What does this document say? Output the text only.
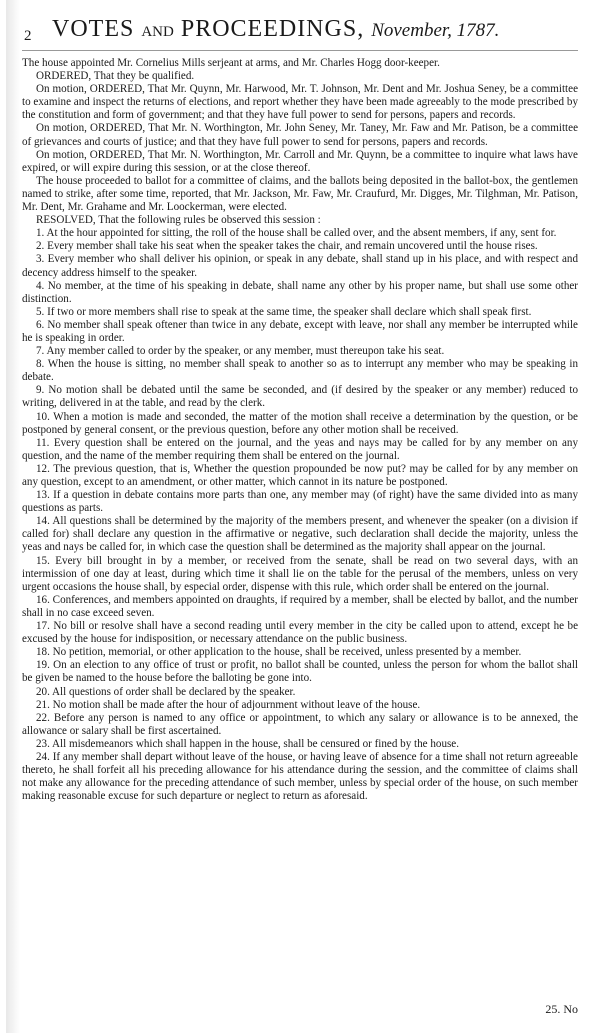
2 VOTES AND PROCEEDINGS, November, 1787.

The house appointed Mr. Cornelius Mills serjeant at arms, and Mr. Charles Hogg door-keeper.

ORDERED, That they be qualified.

On motion, ORDERED, That Mr. Quynn, Mr. Harwood, Mr. T. Johnson, Mr. Dent and Mr. Joshua Seney, be a committee to examine and inspect the returns of elections, and report whether they have been made agreeably to the mode prescribed by the constitution and form of government; and that they have full power to send for persons, papers and records.

On motion, ORDERED, That Mr. N. Worthington, Mr. John Seney, Mr. Taney, Mr. Faw and Mr. Patison, be a committee of grievances and courts of justice; and that they have full power to send for persons, papers and records.

On motion, ORDERED, That Mr. N. Worthington, Mr. Carroll and Mr. Quynn, be a committee to inquire what laws have expired, or will expire during this session, or at the close thereof.

The house proceeded to ballot for a committee of claims, and the ballots being deposited in the ballot-box, the gentlemen named to strike, after some time, reported, that Mr. Jackson, Mr. Faw, Mr. Craufurd, Mr. Digges, Mr. Tilghman, Mr. Patison, Mr. Dent, Mr. Grahame and Mr. Loockerman, were elected.

RESOLVED, That the following rules be observed this session :

1. At the hour appointed for sitting, the roll of the house shall be called over, and the absent members, if any, sent for.

2. Every member shall take his seat when the speaker takes the chair, and remain uncovered until the house rises.

3. Every member who shall deliver his opinion, or speak in any debate, shall stand up in his place, and with respect and decency address himself to the speaker.

4. No member, at the time of his speaking in debate, shall name any other by his proper name, but shall use some other distinction.

5. If two or more members shall rise to speak at the same time, the speaker shall declare which shall speak first.

6. No member shall speak oftener than twice in any debate, except with leave, nor shall any member be interrupted while he is speaking in order.

7. Any member called to order by the speaker, or any member, must thereupon take his seat.

8. When the house is sitting, no member shall speak to another so as to interrupt any member who may be speaking in debate.

9. No motion shall be debated until the same be seconded, and (if desired by the speaker or any member) reduced to writing, delivered in at the table, and read by the clerk.

10. When a motion is made and seconded, the matter of the motion shall receive a determination by the question, or be postponed by general consent, or the previous question, before any other motion shall be received.

11. Every question shall be entered on the journal, and the yeas and nays may be called for by any member on any question, and the name of the member requiring them shall be entered on the journal.

12. The previous question, that is, Whether the question propounded be now put? may be called for by any member on any question, except to an amendment, or other matter, which cannot in its nature be postponed.

13. If a question in debate contains more parts than one, any member may (of right) have the same divided into as many questions as parts.

14. All questions shall be determined by the majority of the members present, and whenever the speaker (on a division if called for) shall declare any question in the affirmative or negative, such declaration shall decide the majority, unless the yeas and nays be called for, in which case the question shall be determined as the majority shall appear on the journal.

15. Every bill brought in by a member, or received from the senate, shall be read on two several days, with an intermission of one day at least, during which time it shall lie on the table for the perusal of the members, unless on very urgent occasions the house shall, by especial order, dispense with this rule, which order shall be entered on the journal.

16. Conferences, and members appointed on draughts, if required by a member, shall be elected by ballot, and the number shall in no case exceed seven.

17. No bill or resolve shall have a second reading until every member in the city be called upon to attend, except he be excused by the house for indisposition, or necessary attendance on the public business.

18. No petition, memorial, or other application to the house, shall be received, unless presented by a member.

19. On an election to any office of trust or profit, no ballot shall be counted, unless the person for whom the ballot shall be given be named to the house before the balloting be gone into.

20. All questions of order shall be declared by the speaker.

21. No motion shall be made after the hour of adjournment without leave of the house.

22. Before any person is named to any office or appointment, to which any salary or allowance is to be annexed, the allowance or salary shall be first ascertained.

23. All misdemeanors which shall happen in the house, shall be censured or fined by the house.

24. If any member shall depart without leave of the house, or having leave of absence for a time shall not return agreeable thereto, he shall forfeit all his preceding allowance for his attendance during the session, and the committee of claims shall not make any allowance for the preceding attendance of such member, unless by special order of the house, on such member making reasonable excuse for such departure or neglect to return as aforesaid.

25. No
